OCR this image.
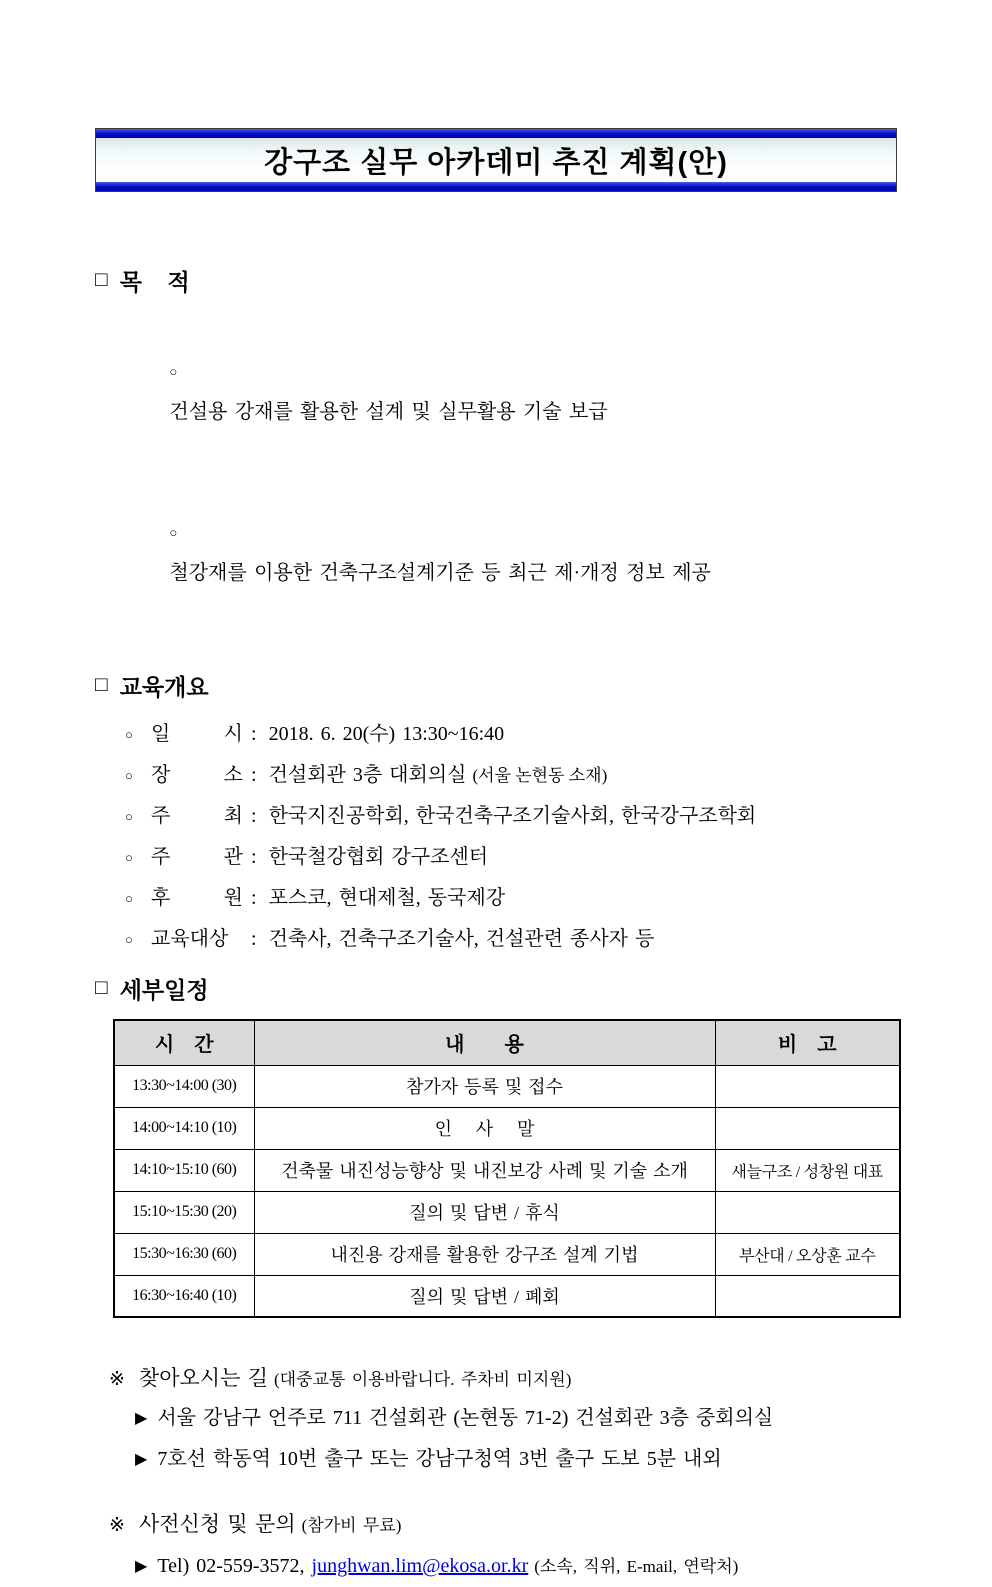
강구조 실무 아카데미 추진 계획(안)
□ 목    적

○
건설용 강재를 활용한 설계 및 실무활용 기술 보급

○
철강재를 이용한 건축구조설계기준 등 최근 제·개정 정보 제공

□ 교육개요
○ 일 시 : 2018. 6. 20(수) 13:30~16:40
○ 장 소 : 건설회관 3층 대회의실 (서울 논현동 소재)
○ 주 최 : 한국지진공학회, 한국건축구조기술사회, 한국강구조학회
○ 주 관 : 한국철강협회 강구조센터
○ 후 원 : 포스코, 현대제철, 동국제강
○ 교육대상 : 건축사, 건축구조기술사, 건설관련 종사자 등
□ 세부일정
시    간	내        용	비    고
13:30~14:00 (30)	참가자 등록 및 접수	
14:00~14:10 (10)	인    사    말	
14:10~15:10 (60)	건축물 내진성능향상 및 내진보강 사례 및 기술 소개	새늘구조 / 성창원 대표
15:10~15:30 (20)	질의 및 답변 / 휴식	
15:30~16:30 (60)	내진용 강재를 활용한 강구조 설계 기법	부산대 / 오상훈 교수
16:30~16:40 (10)	질의 및 답변 / 폐회	
※ 찾아오시는 길 (대중교통 이용바랍니다. 주차비 미지원)
▶ 서울 강남구 언주로 711 건설회관 (논현동 71-2) 건설회관 3층 중회의실
▶ 7호선 학동역 10번 출구 또는 강남구청역 3번 출구 도보 5분 내외
※ 사전신청 및 문의 (참가비 무료)
▶ Tel) 02-559-3572, junghwan.lim@ekosa.or.kr (소속, 직위, E-mail, 연락처)
